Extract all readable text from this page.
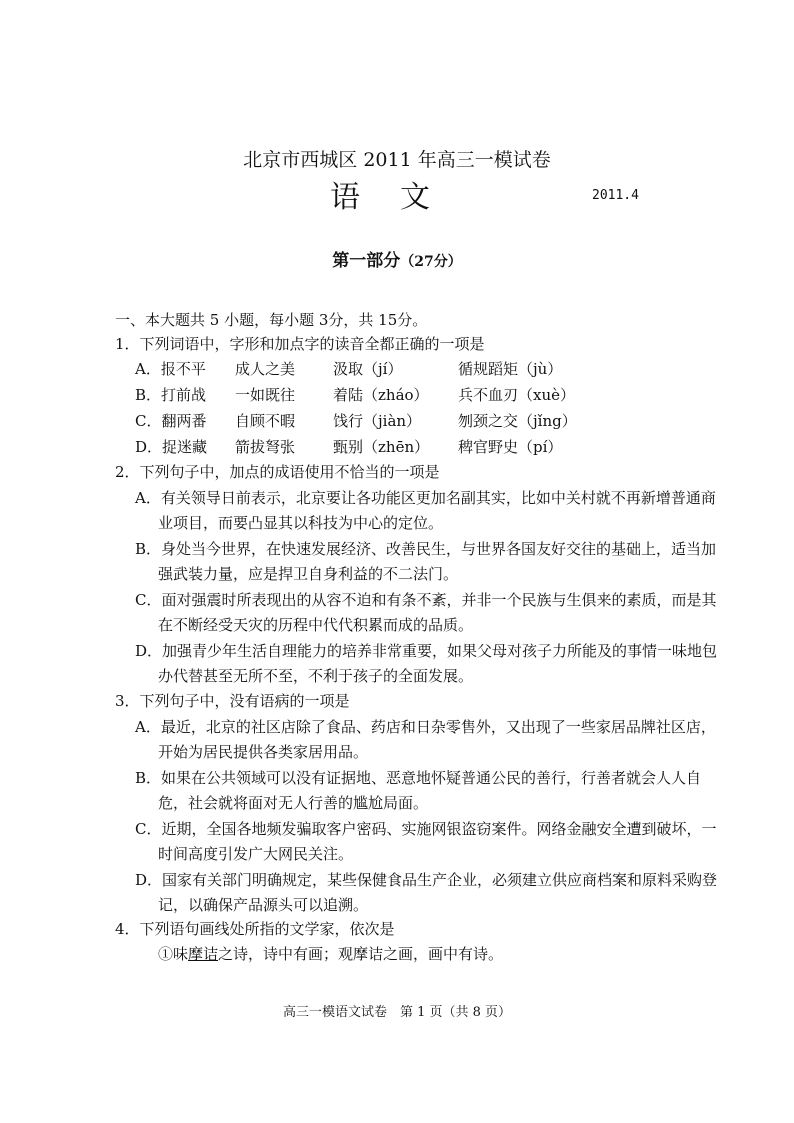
北京市西城区 2011 年高三一模试卷
语 文	2011.4
第一部分（27分）
一、本大题共 5 小题，每小题 3分，共 15分。
1．下列词语中，字形和加点字的读音全都正确的一项是
A．报不平 成人之美	汲取（jí）	循规蹈矩（jù）
B．打前战 一如既往	着陆（zháo） 兵不血刃（xuè）
C．翻两番 自顾不暇	饯行（jiàn） 刎颈之交（jǐng）
D．捉迷藏 箭拔弩张	甄别（zhēn） 稗官野史（pí）
2．下列句子中，加点的成语使用不恰当的一项是
A．有关领导日前表示，北京要让各功能区更加名副其实，比如中关村就不再新增普通商
业项目，而要凸显其以科技为中心的定位。
B．身处当今世界，在快速发展经济、改善民生，与世界各国友好交往的基础上，适当加
强武装力量，应是捍卫自身利益的不二法门。
C．面对强震时所表现出的从容不迫和有条不紊，并非一个民族与生俱来的素质，而是其
在不断经受天灾的历程中代代积累而成的品质。
D．加强青少年生活自理能力的培养非常重要，如果父母对孩子力所能及的事情一味地包
办代替甚至无所不至，不利于孩子的全面发展。
3．下列句子中，没有语病的一项是
A．最近，北京的社区店除了食品、药店和日杂零售外，又出现了一些家居品牌社区店，
开始为居民提供各类家居用品。
B．如果在公共领域可以没有证据地、恶意地怀疑普通公民的善行，行善者就会人人自
危，社会就将面对无人行善的尴尬局面。
C．近期，全国各地频发骗取客户密码、实施网银盗窃案件。网络金融安全遭到破坏，一
时间高度引发广大网民关注。
D．国家有关部门明确规定，某些保健食品生产企业，必须建立供应商档案和原料采购登
记，以确保产品源头可以追溯。
4．下列语句画线处所指的文学家，依次是
①味摩诘之诗，诗中有画；观摩诘之画，画中有诗。
高三一模语文试卷　第 1 页（共 8 页）
